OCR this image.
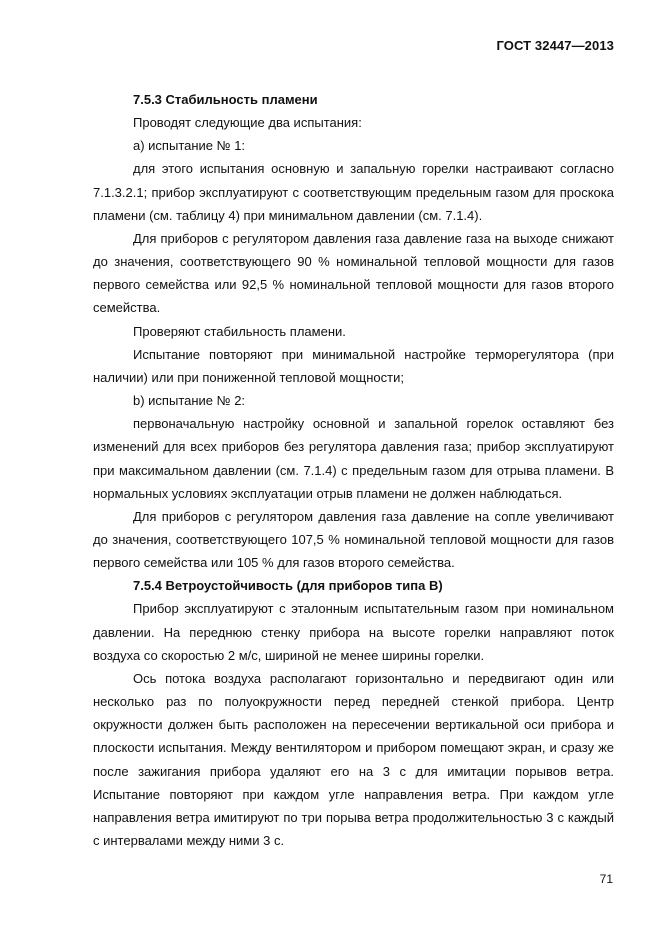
ГОСТ 32447—2013

7.5.3 Стабильность пламени

Проводят следующие два испытания:

а) испытание № 1:

для этого испытания основную и запальную горелки настраивают согласно 7.1.3.2.1; прибор эксплуатируют с соответствующим предельным газом для проскока пламени (см. таблицу 4) при минимальном давлении (см. 7.1.4).

Для приборов с регулятором давления газа давление газа на выходе снижают до значения, соответствующего 90 % номинальной тепловой мощности для газов первого семейства или 92,5 % номинальной тепловой мощности для газов второго семейства.

Проверяют стабильность пламени.

Испытание повторяют при минимальной настройке терморегулятора (при наличии) или при пониженной тепловой мощности;

b) испытание № 2:

первоначальную настройку основной и запальной горелок оставляют без изменений для всех приборов без регулятора давления газа; прибор эксплуатируют при максимальном давлении (см. 7.1.4) с предельным газом для отрыва пламени. В нормальных условиях эксплуатации отрыв пламени не должен наблюдаться.

Для приборов с регулятором давления газа давление на сопле увеличивают до значения, соответствующего 107,5 % номинальной тепловой мощности для газов первого семейства или 105 % для газов второго семейства.

7.5.4 Ветроустойчивость (для приборов типа B)

Прибор эксплуатируют с эталонным испытательным газом при номинальном давлении. На переднюю стенку прибора на высоте горелки направляют поток воздуха со скоростью 2 м/с, шириной не менее ширины горелки.

Ось потока воздуха располагают горизонтально и передвигают один или несколько раз по полуокружности перед передней стенкой прибора. Центр окружности должен быть расположен на пересечении вертикальной оси прибора и плоскости испытания. Между вентилятором и прибором помещают экран, и сразу же после зажигания прибора удаляют его на 3 с для имитации порывов ветра. Испытание повторяют при каждом угле направления ветра. При каждом угле направления ветра имитируют по три порыва ветра продолжительностью 3 с каждый с интервалами между ними 3 с.

71
